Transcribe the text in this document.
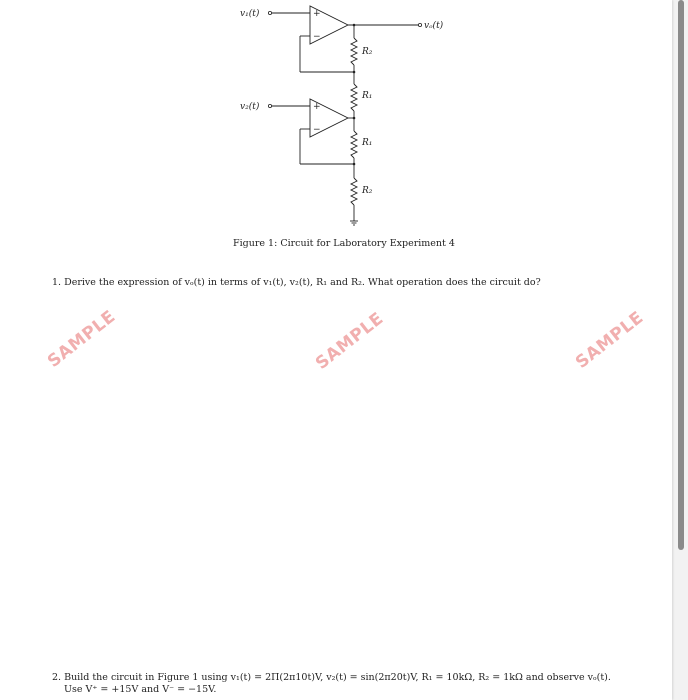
v₁(t)
v₂(t)
vₒ(t)
R₂
R₁
R₁
R₂
+
−
+
−
Figure 1: Circuit for Laboratory Experiment 4
1. Derive the expression of vₒ(t) in terms of v₁(t), v₂(t), R₁ and R₂. What operation does the circuit do?
2. Build the circuit in Figure 1 using v₁(t) = 2Π(2π10t)V, v₂(t) = sin(2π20t)V, R₁ = 10kΩ, R₂ = 1kΩ and observe vₒ(t).
Use V⁺ = +15V and V⁻ = −15V.
SAMPLE	SAMPLE	SAMPLE
